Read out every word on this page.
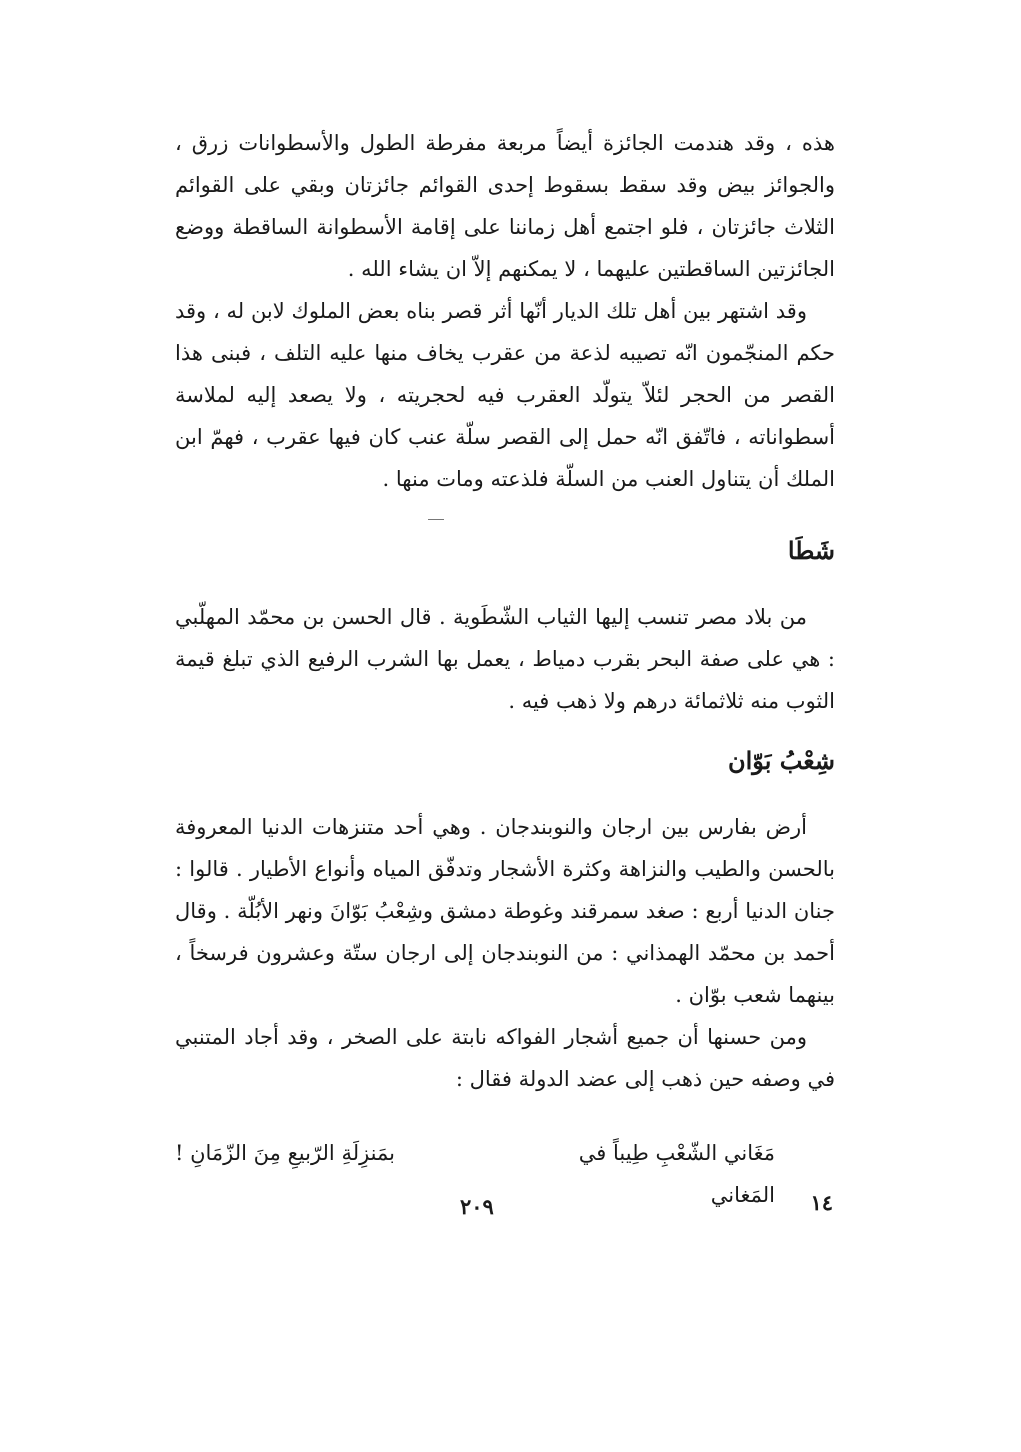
هذه ، وقد هندمت الجائزة أيضاً مربعة مفرطة الطول والأسطوانات زرق ، والجوائز بيض وقد سقط بسقوط إحدى القوائم جائزتان وبقي على القوائم الثلاث جائزتان ، فلو اجتمع أهل زماننا على إقامة الأسطوانة الساقطة ووضع الجائزتين الساقطتين عليهما ، لا يمكنهم إلاّ ان يشاء الله .

وقد اشتهر بين أهل تلك الديار أنّها أثر قصر بناه بعض الملوك لابن له ، وقد حكم المنجّمون انّه تصيبه لذعة من عقرب يخاف منها عليه التلف ، فبنى هذا القصر من الحجر لئلاّ يتولّد العقرب فيه لحجريته ، ولا يصعد إليه لملاسة أسطواناته ، فاتّفق انّه حمل إلى القصر سلّة عنب كان فيها عقرب ، فهمّ ابن الملك أن يتناول العنب من السلّة فلذعته ومات منها .

شَطَا

من بلاد مصر تنسب إليها الثياب الشّطَوية . قال الحسن بن محمّد المهلّبي : هي على صفة البحر بقرب دمياط ، يعمل بها الشرب الرفيع الذي تبلغ قيمة الثوب منه ثلاثمائة درهم ولا ذهب فيه .

شِعْبُ بَوّان

أرض بفارس بين ارجان والنوبندجان . وهي أحد متنزهات الدنيا المعروفة بالحسن والطيب والنزاهة وكثرة الأشجار وتدفّق المياه وأنواع الأطيار . قالوا : جنان الدنيا أربع : صغد سمرقند وغوطة دمشق وشِعْبُ بَوّانَ ونهر الأبُلّة . وقال أحمد بن محمّد الهمذاني : من النوبندجان إلى ارجان ستّة وعشرون فرسخاً ، بينهما شعب بوّان .

ومن حسنها أن جميع أشجار الفواكه نابتة على الصخر ، وقد أجاد المتنبي في وصفه حين ذهب إلى عضد الدولة فقال :

مَغَاني الشّعْبِ طِيباً في المَغاني
بمَنزِلَةِ الرّبيعِ مِنَ الزّمَانِ !
١٤
٢٠٩
